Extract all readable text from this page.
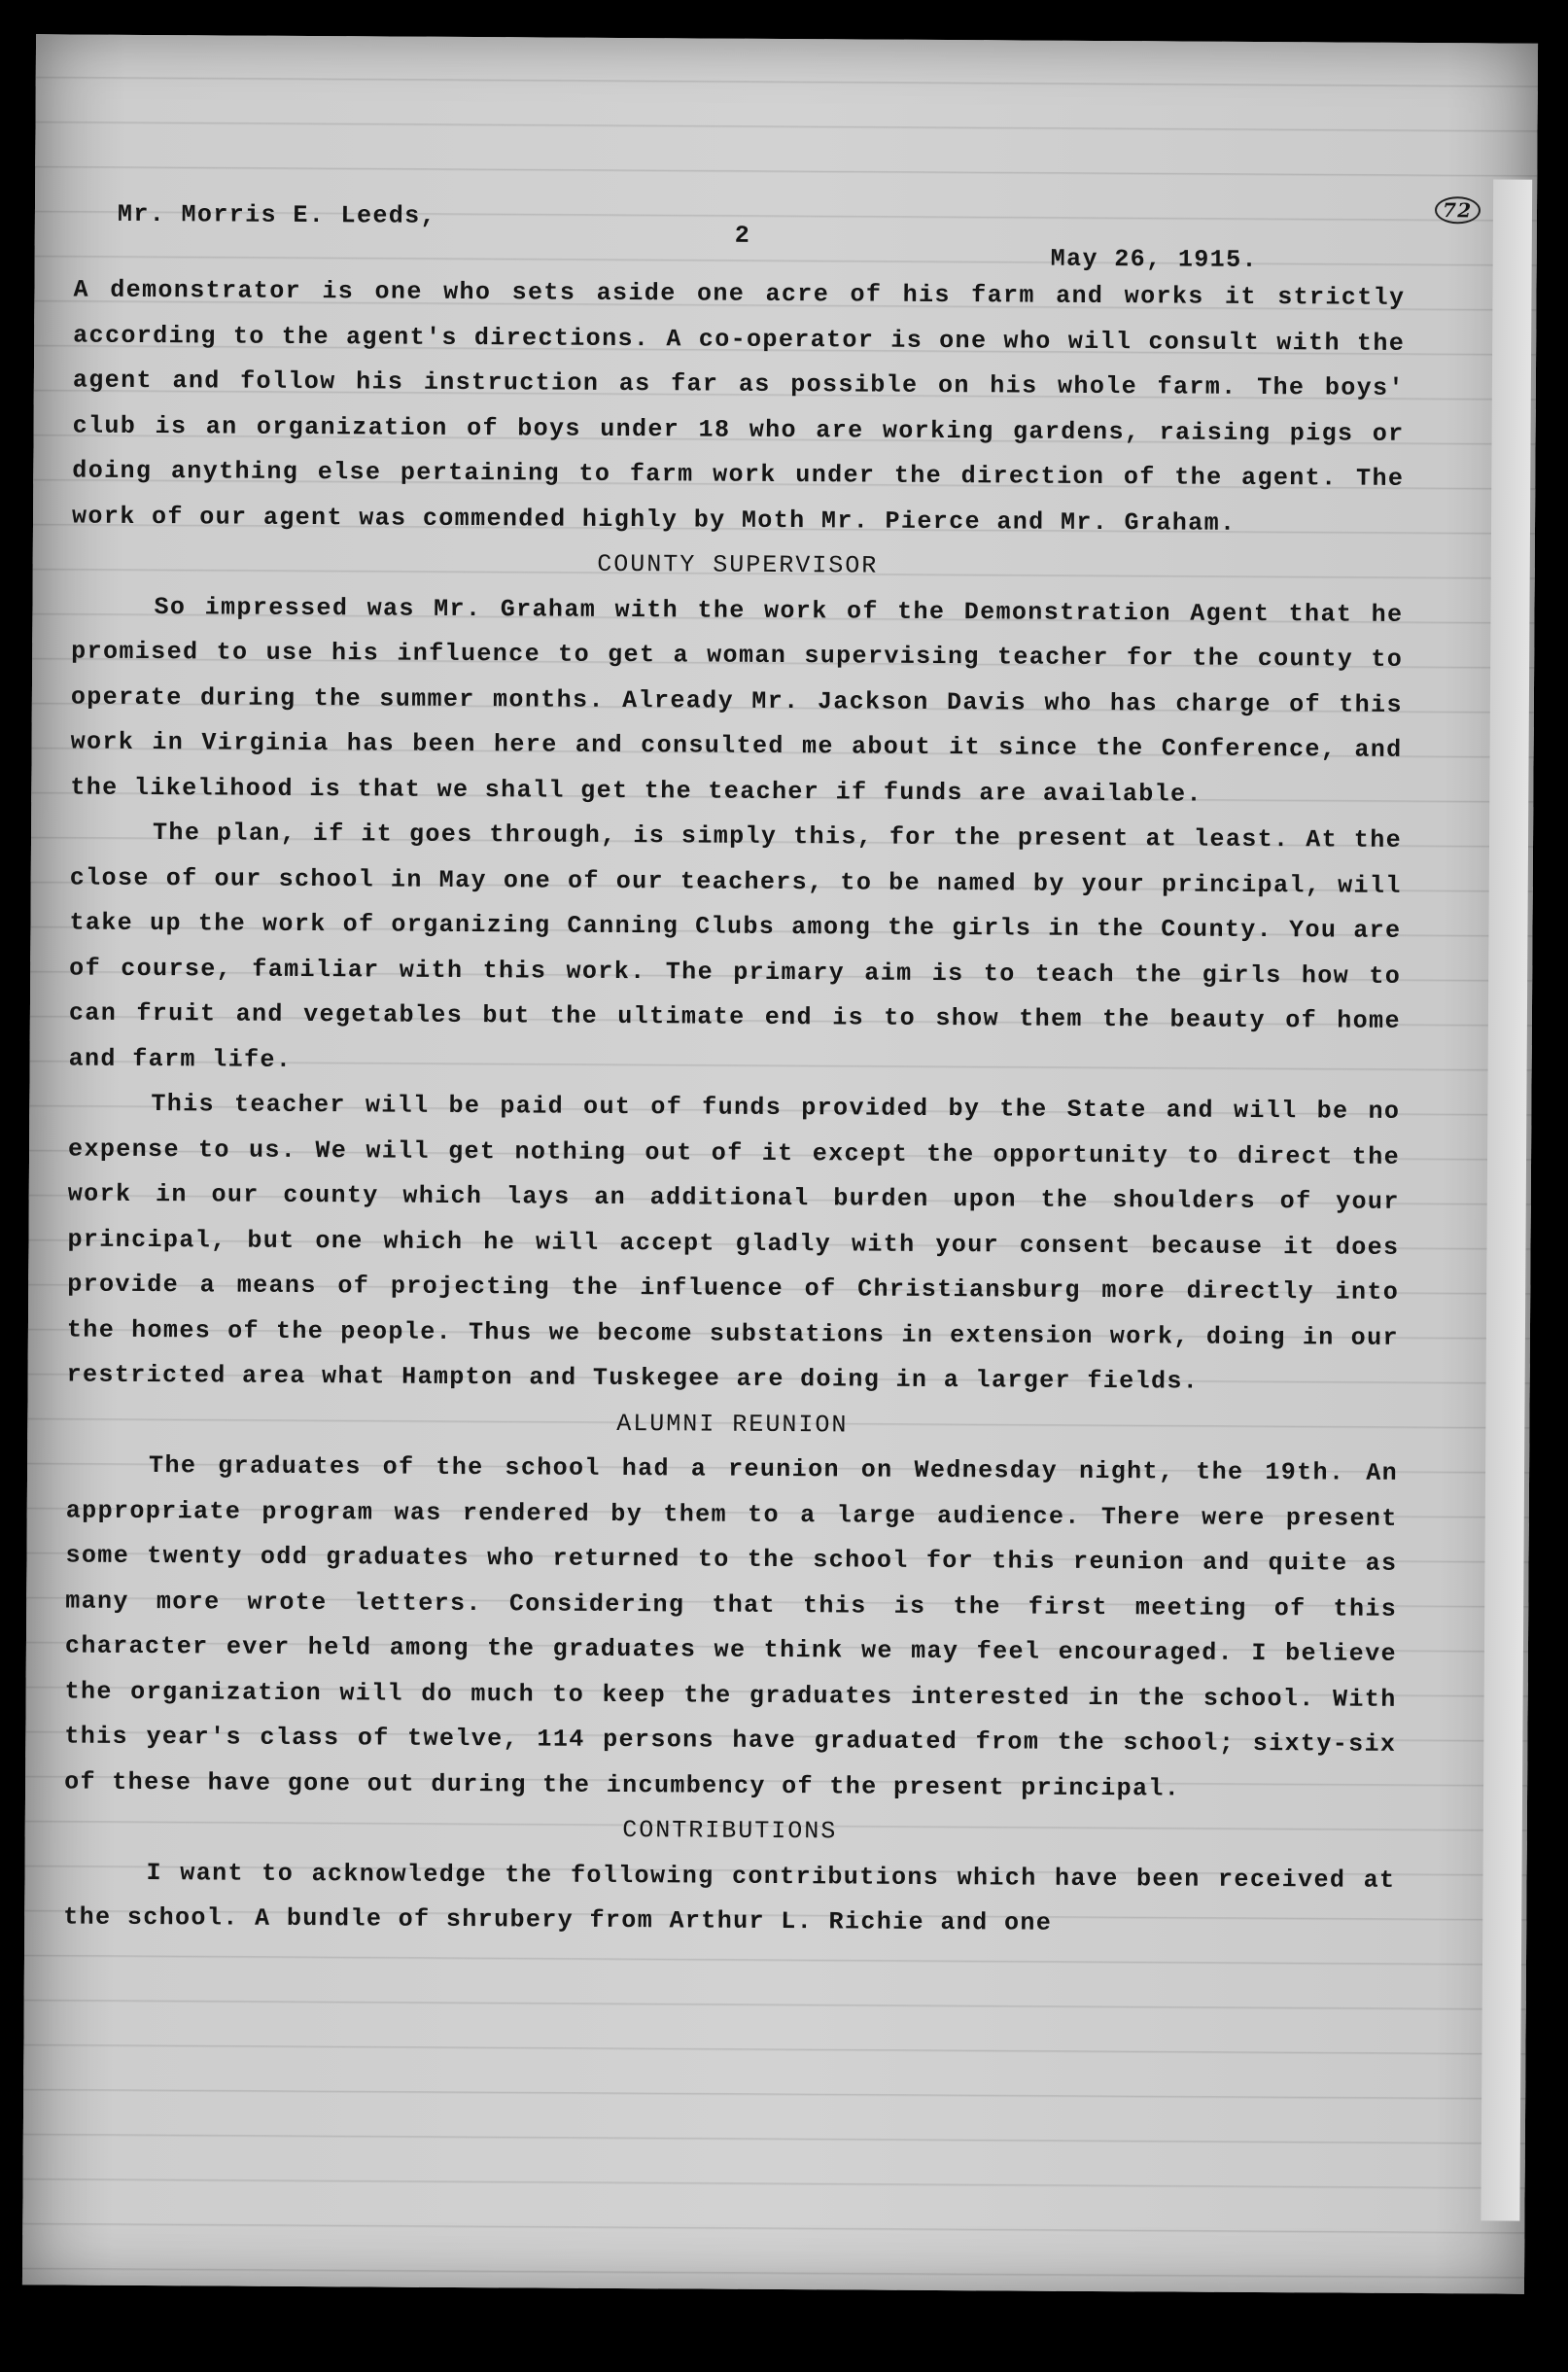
Mr. Morris E. Leeds,
2
May 26, 1915.
72

A demonstrator is one who sets aside one acre of his farm and works it strictly according to the agent's directions. A co-operator is one who will consult with the agent and follow his instruction as far as possible on his whole farm. The boys' club is an organization of boys under 18 who are working gardens, raising pigs or doing anything else pertaining to farm work under the direction of the agent. The work of our agent was commended highly by Moth Mr. Pierce and Mr. Graham.

COUNTY SUPERVISOR

So impressed was Mr. Graham with the work of the Demonstration Agent that he promised to use his influence to get a woman supervising teacher for the county to operate during the summer months. Already Mr. Jackson Davis who has charge of this work in Virginia has been here and consulted me about it since the Conference, and the likelihood is that we shall get the teacher if funds are available.

The plan, if it goes through, is simply this, for the present at least. At the close of our school in May one of our teachers, to be named by your principal, will take up the work of organizing Canning Clubs among the girls in the County. You are of course, familiar with this work. The primary aim is to teach the girls how to can fruit and vegetables but the ultimate end is to show them the beauty of home and farm life.

This teacher will be paid out of funds provided by the State and will be no expense to us. We will get nothing out of it except the opportunity to direct the work in our county which lays an additional burden upon the shoulders of your principal, but one which he will accept gladly with your consent because it does provide a means of projecting the influence of Christiansburg more directly into the homes of the people. Thus we become substations in extension work, doing in our restricted area what Hampton and Tuskegee are doing in a larger fields.

ALUMNI REUNION

The graduates of the school had a reunion on Wednesday night, the 19th. An appropriate program was rendered by them to a large audience. There were present some twenty odd graduates who returned to the school for this reunion and quite as many more wrote letters. Considering that this is the first meeting of this character ever held among the graduates we think we may feel encouraged. I believe the organization will do much to keep the graduates interested in the school. With this year's class of twelve, 114 persons have graduated from the school; sixty-six of these have gone out during the incumbency of the present principal.

CONTRIBUTIONS

I want to acknowledge the following contributions which have been received at the school. A bundle of shrubery from Arthur L. Richie and one
